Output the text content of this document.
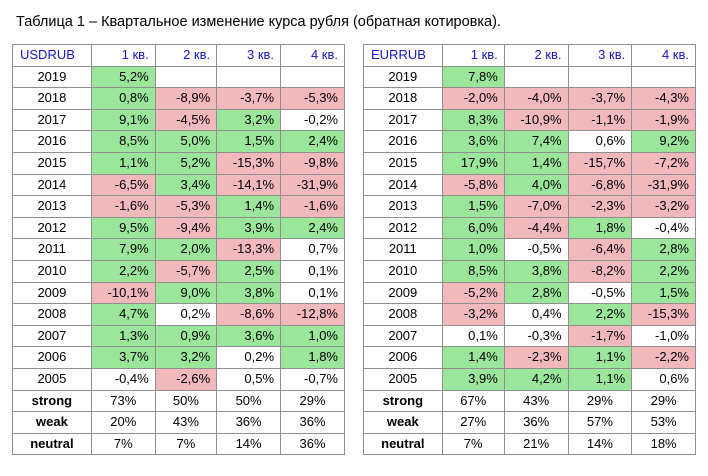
Таблица 1 – Квартальное изменение курса рубля (обратная котировка).
USDRUB	1 кв.	2 кв.	3 кв.	4 кв.
2019	5,2%			
2018	0,8%	-8,9%	-3,7%	-5,3%
2017	9,1%	-4,5%	3,2%	-0,2%
2016	8,5%	5,0%	1,5%	2,4%
2015	1,1%	5,2%	-15,3%	-9,8%
2014	-6,5%	3,4%	-14,1%	-31,9%
2013	-1,6%	-5,3%	1,4%	-1,6%
2012	9,5%	-9,4%	3,9%	2,4%
2011	7,9%	2,0%	-13,3%	0,7%
2010	2,2%	-5,7%	2,5%	0,1%
2009	-10,1%	9,0%	3,8%	0,1%
2008	4,7%	0,2%	-8,6%	-12,8%
2007	1,3%	0,9%	3,6%	1,0%
2006	3,7%	3,2%	0,2%	1,8%
2005	-0,4%	-2,6%	0,5%	-0,7%
strong	73%	50%	50%	29%
weak	20%	43%	36%	36%
neutral	7%	7%	14%	36%
EURRUB	1 кв.	2 кв.	3 кв.	4 кв.
2019	7,8%			
2018	-2,0%	-4,0%	-3,7%	-4,3%
2017	8,3%	-10,9%	-1,1%	-1,9%
2016	3,6%	7,4%	0,6%	9,2%
2015	17,9%	1,4%	-15,7%	-7,2%
2014	-5,8%	4,0%	-6,8%	-31,9%
2013	1,5%	-7,0%	-2,3%	-3,2%
2012	6,0%	-4,4%	1,8%	-0,4%
2011	1,0%	-0,5%	-6,4%	2,8%
2010	8,5%	3,8%	-8,2%	2,2%
2009	-5,2%	2,8%	-0,5%	1,5%
2008	-3,2%	0,4%	2,2%	-15,3%
2007	0,1%	-0,3%	-1,7%	-1,0%
2006	1,4%	-2,3%	1,1%	-2,2%
2005	3,9%	4,2%	1,1%	0,6%
strong	67%	43%	29%	29%
weak	27%	36%	57%	53%
neutral	7%	21%	14%	18%
